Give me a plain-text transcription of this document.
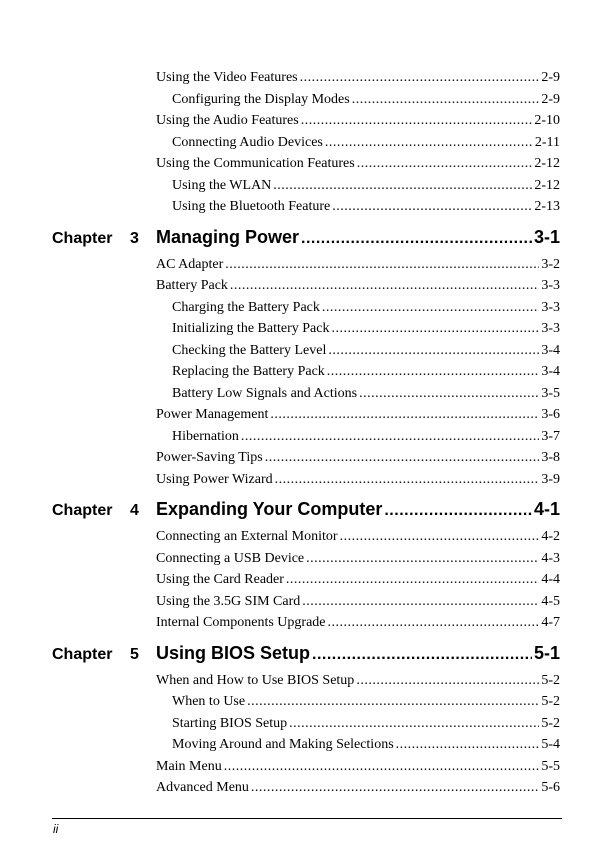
Using the Video Features .....	2-9
Configuring the Display Modes .....	2-9
Using the Audio Features .....	2-10
Connecting Audio Devices .....	2-11
Using the Communication Features .....	2-12
Using the WLAN .....	2-12
Using the Bluetooth Feature .....	2-13
Chapter	3 Managing Power .....	3-1
AC Adapter .....	3-2
Battery Pack .....	3-3
Charging the Battery Pack .....	3-3
Initializing the Battery Pack .....	3-3
Checking the Battery Level .....	3-4
Replacing the Battery Pack .....	3-4
Battery Low Signals and Actions .....	3-5
Power Management .....	3-6
Hibernation .....	3-7
Power-Saving Tips .....	3-8
Using Power Wizard .....	3-9
Chapter	4 Expanding Your Computer .....	4-1
Connecting an External Monitor .....	4-2
Connecting a USB Device .....	4-3
Using the Card Reader .....	4-4
Using the 3.5G SIM Card .....	4-5
Internal Components Upgrade .....	4-7
Chapter	5 Using BIOS Setup .....	5-1
When and How to Use BIOS Setup .....	5-2
When to Use .....	5-2
Starting BIOS Setup .....	5-2
Moving Around and Making Selections .....	5-4
Main Menu .....	5-5
Advanced Menu .....	5-6
ii
